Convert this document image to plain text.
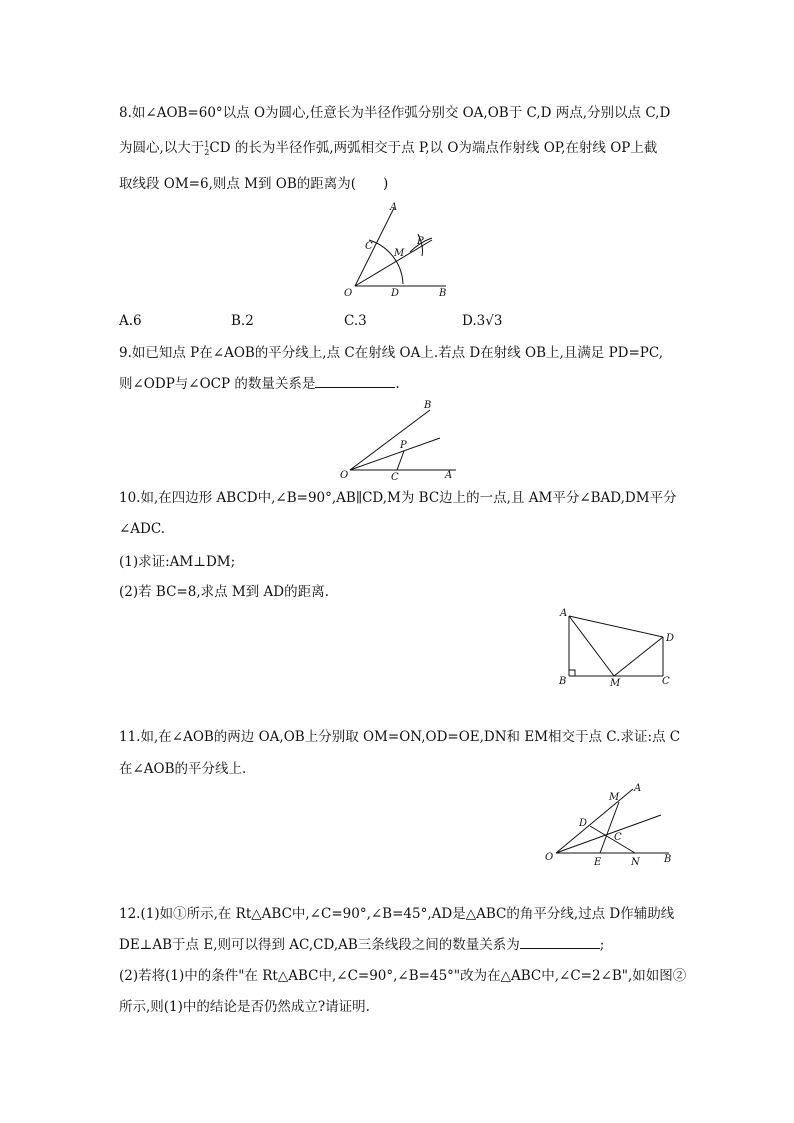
8.如∠AOB=60°以点 O为圆心,任意长为半径作弧分别交 OA,OB于 C,D 两点,分别以点 C,D
为圆心,以大于1
2CD 的长为半径作弧,两弧相交于点 P,以 O为端点作射线 OP,在射线 OP上截
取线段 OM=6,则点 M到 OB的距离为(　　)
A
C
M
P
O	D	B
A.6	B.2	C.3	D.3√3
9.如已知点 P在∠AOB的平分线上,点 C在射线 OA上.若点 D在射线 OB上,且满足 PD=PC,
则∠ODP与∠OCP 的数量关系是	.
B
P
O	C	A
10.如,在四边形 ABCD中,∠B=90°,AB∥CD,M为 BC边上的一点,且 AM平分∠BAD,DM平分
∠ADC.
(1)求证:AM⊥DM;
(2)若 BC=8,求点 M到 AD的距离.
A
D
B	M	C
11.如,在∠AOB的两边 OA,OB上分别取 OM=ON,OD=OE,DN和 EM相交于点 C.求证:点 C
在∠AOB的平分线上.
A
M
D
C
O	E	N B
12.(1)如①所示,在 Rt△ABC中,∠C=90°,∠B=45°,AD是△ABC的角平分线,过点 D作辅助线
DE⊥AB于点 E,则可以得到 AC,CD,AB三条线段之间的数量关系为	;
(2)若将(1)中的条件"在 Rt△ABC中,∠C=90°,∠B=45°"改为在△ABC中,∠C=2∠B",如如图②
所示,则(1)中的结论是否仍然成立?请证明.
